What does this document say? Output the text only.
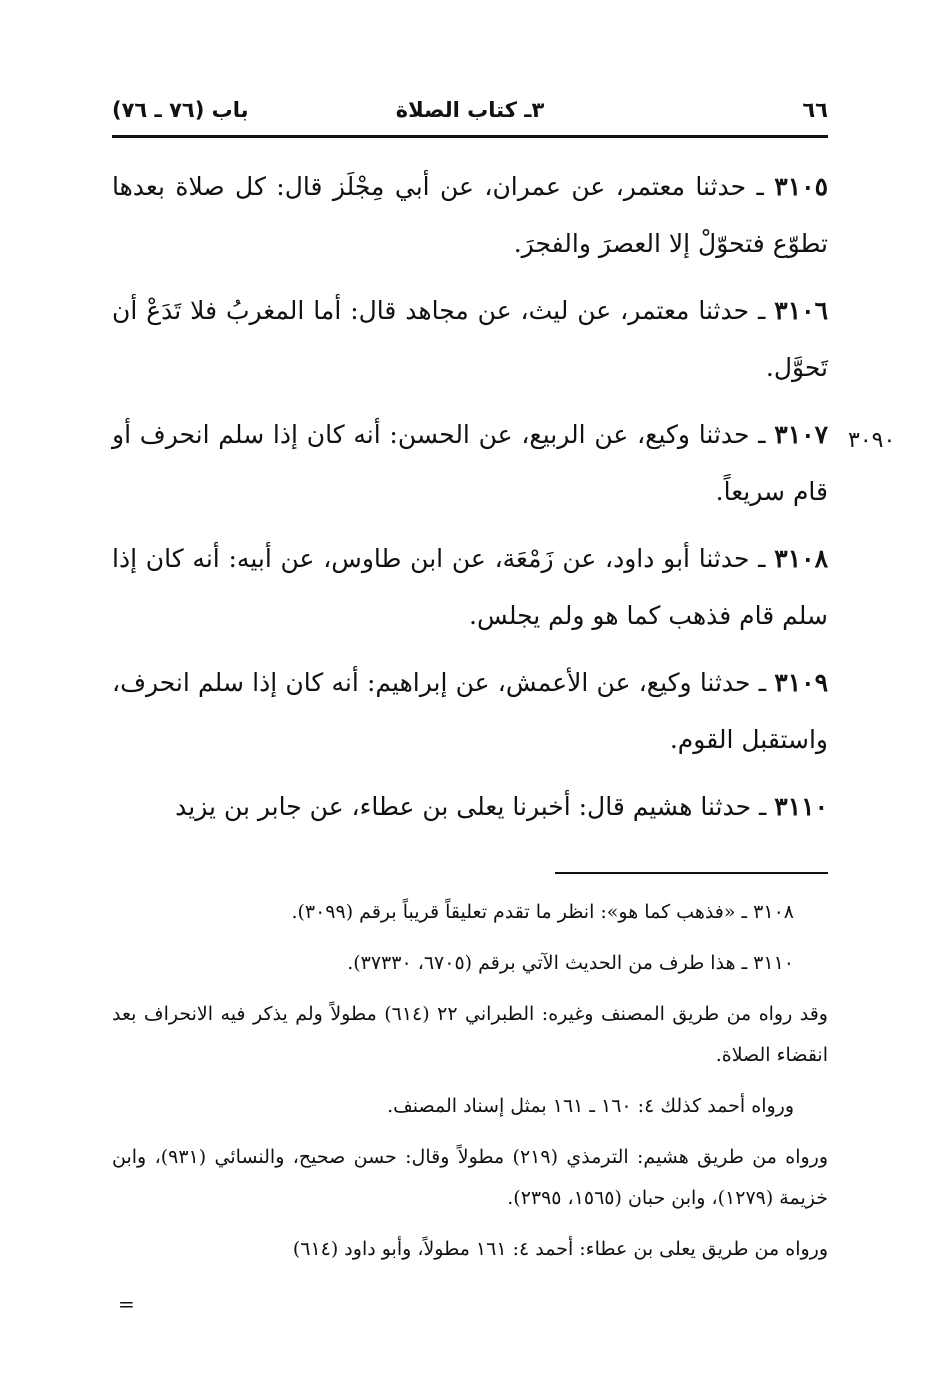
٦٦
٣ـ كتاب الصلاة
باب (٧٦ ـ ٧٦)
٣٠٩٠

٣١٠٥ ـ حدثنا معتمر، عن عمران، عن أبي مِجْلَز قال: كل صلاة بعدها تطوّع فتحوّلْ إلا العصرَ والفجرَ.

٣١٠٦ ـ حدثنا معتمر، عن ليث، عن مجاهد قال: أما المغربُ فلا تَدَعْ أن تَحوَّل.

٣١٠٧ ـ حدثنا وكيع، عن الربيع، عن الحسن: أنه كان إذا سلم انحرف أو قام سريعاً.

٣١٠٨ ـ حدثنا أبو داود، عن زَمْعَة، عن ابن طاوس، عن أبيه: أنه كان إذا سلم قام فذهب كما هو ولم يجلس.

٣١٠٩ ـ حدثنا وكيع، عن الأعمش، عن إبراهيم: أنه كان إذا سلم انحرف، واستقبل القوم.

٣١١٠ ـ حدثنا هشيم قال: أخبرنا يعلى بن عطاء، عن جابر بن يزيد

٣١٠٨ ـ «فذهب كما هو»: انظر ما تقدم تعليقاً قريباً برقم (٣٠٩٩).

٣١١٠ ـ هذا طرف من الحديث الآتي برقم (٦٧٠٥، ٣٧٣٣٠).

وقد رواه من طريق المصنف وغيره: الطبراني ٢٢ (٦١٤) مطولاً ولم يذكر فيه الانحراف بعد انقضاء الصلاة.

ورواه أحمد كذلك ٤: ١٦٠ ـ ١٦١ بمثل إسناد المصنف.

ورواه من طريق هشيم: الترمذي (٢١٩) مطولاً وقال: حسن صحيح، والنسائي (٩٣١)، وابن خزيمة (١٢٧٩)، وابن حبان (١٥٦٥، ٢٣٩٥).

ورواه من طريق يعلى بن عطاء: أحمد ٤: ١٦١ مطولاً، وأبو داود (٦١٤)

=
